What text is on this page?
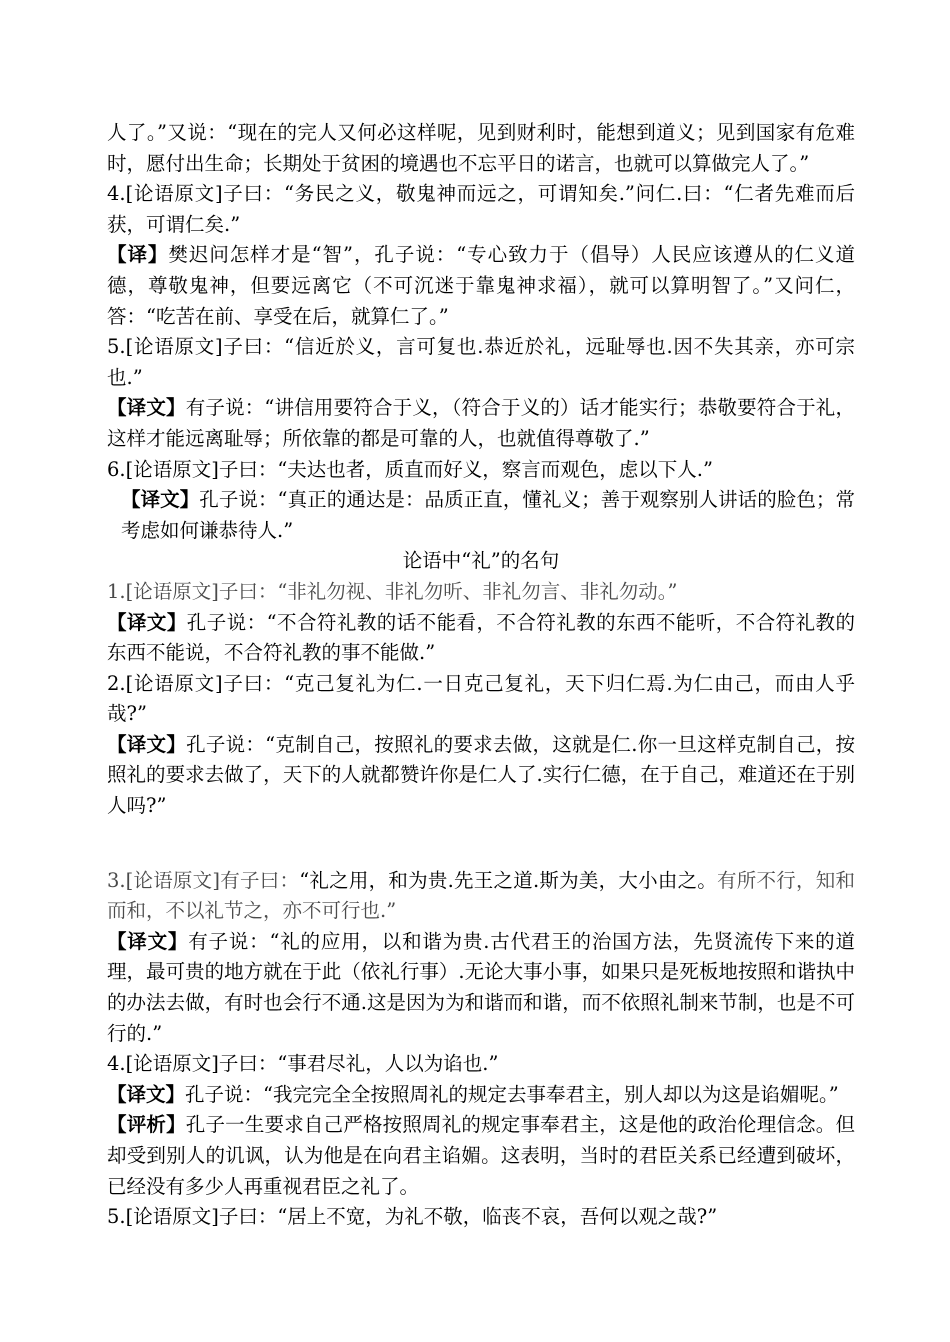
人了。”又说：“现在的完人又何必这样呢，见到财利时，能想到道义；见到国家有危难时，愿付出生命；长期处于贫困的境遇也不忘平日的诺言，也就可以算做完人了。”

4.[论语原文]子曰：“务民之义，敬鬼神而远之，可谓知矣.”问仁.曰：“仁者先难而后获，可谓仁矣.”

【译】樊迟问怎样才是“智”，孔子说：“专心致力于（倡导）人民应该遵从的仁义道德，尊敬鬼神，但要远离它（不可沉迷于靠鬼神求福），就可以算明智了。”又问仁，答：“吃苦在前、享受在后，就算仁了。”

5.[论语原文]子曰：“信近於义，言可复也.恭近於礼，远耻辱也.因不失其亲，亦可宗也.”

【译文】有子说：“讲信用要符合于义，（符合于义的）话才能实行；恭敬要符合于礼，这样才能远离耻辱；所依靠的都是可靠的人，也就值得尊敬了.”

6.[论语原文]子曰：“夫达也者，质直而好义，察言而观色，虑以下人.”

【译文】孔子说：“真正的通达是：品质正直，懂礼义；善于观察别人讲话的脸色；常考虑如何谦恭待人.”

论语中“礼”的名句

1.[论语原文]子曰：“非礼勿视、非礼勿听、非礼勿言、非礼勿动。”

【译文】孔子说：“不合符礼教的话不能看，不合符礼教的东西不能听，不合符礼教的东西不能说，不合符礼教的事不能做.”

2.[论语原文]子曰：“克己复礼为仁.一日克己复礼，天下归仁焉.为仁由己，而由人乎哉?”

【译文】孔子说：“克制自己，按照礼的要求去做，这就是仁.你一旦这样克制自己，按照礼的要求去做了，天下的人就都赞许你是仁人了.实行仁德，在于自己，难道还在于别人吗?”

3.[论语原文]有子曰：“礼之用，和为贵.先王之道.斯为美，大小由之。有所不行，知和而和，不以礼节之，亦不可行也.”

【译文】有子说：“礼的应用，以和谐为贵.古代君王的治国方法，先贤流传下来的道理，最可贵的地方就在于此（依礼行事）.无论大事小事，如果只是死板地按照和谐执中的办法去做，有时也会行不通.这是因为为和谐而和谐，而不依照礼制来节制，也是不可行的.”

4.[论语原文]子曰：“事君尽礼，人以为谄也.”

【译文】孔子说：“我完完全全按照周礼的规定去事奉君主，别人却以为这是谄媚呢。”

【评析】孔子一生要求自己严格按照周礼的规定事奉君主，这是他的政治伦理信念。但却受到别人的讥讽，认为他是在向君主谄媚。这表明，当时的君臣关系已经遭到破坏，已经没有多少人再重视君臣之礼了。

5.[论语原文]子曰：“居上不宽，为礼不敬，临丧不哀，吾何以观之哉?”
